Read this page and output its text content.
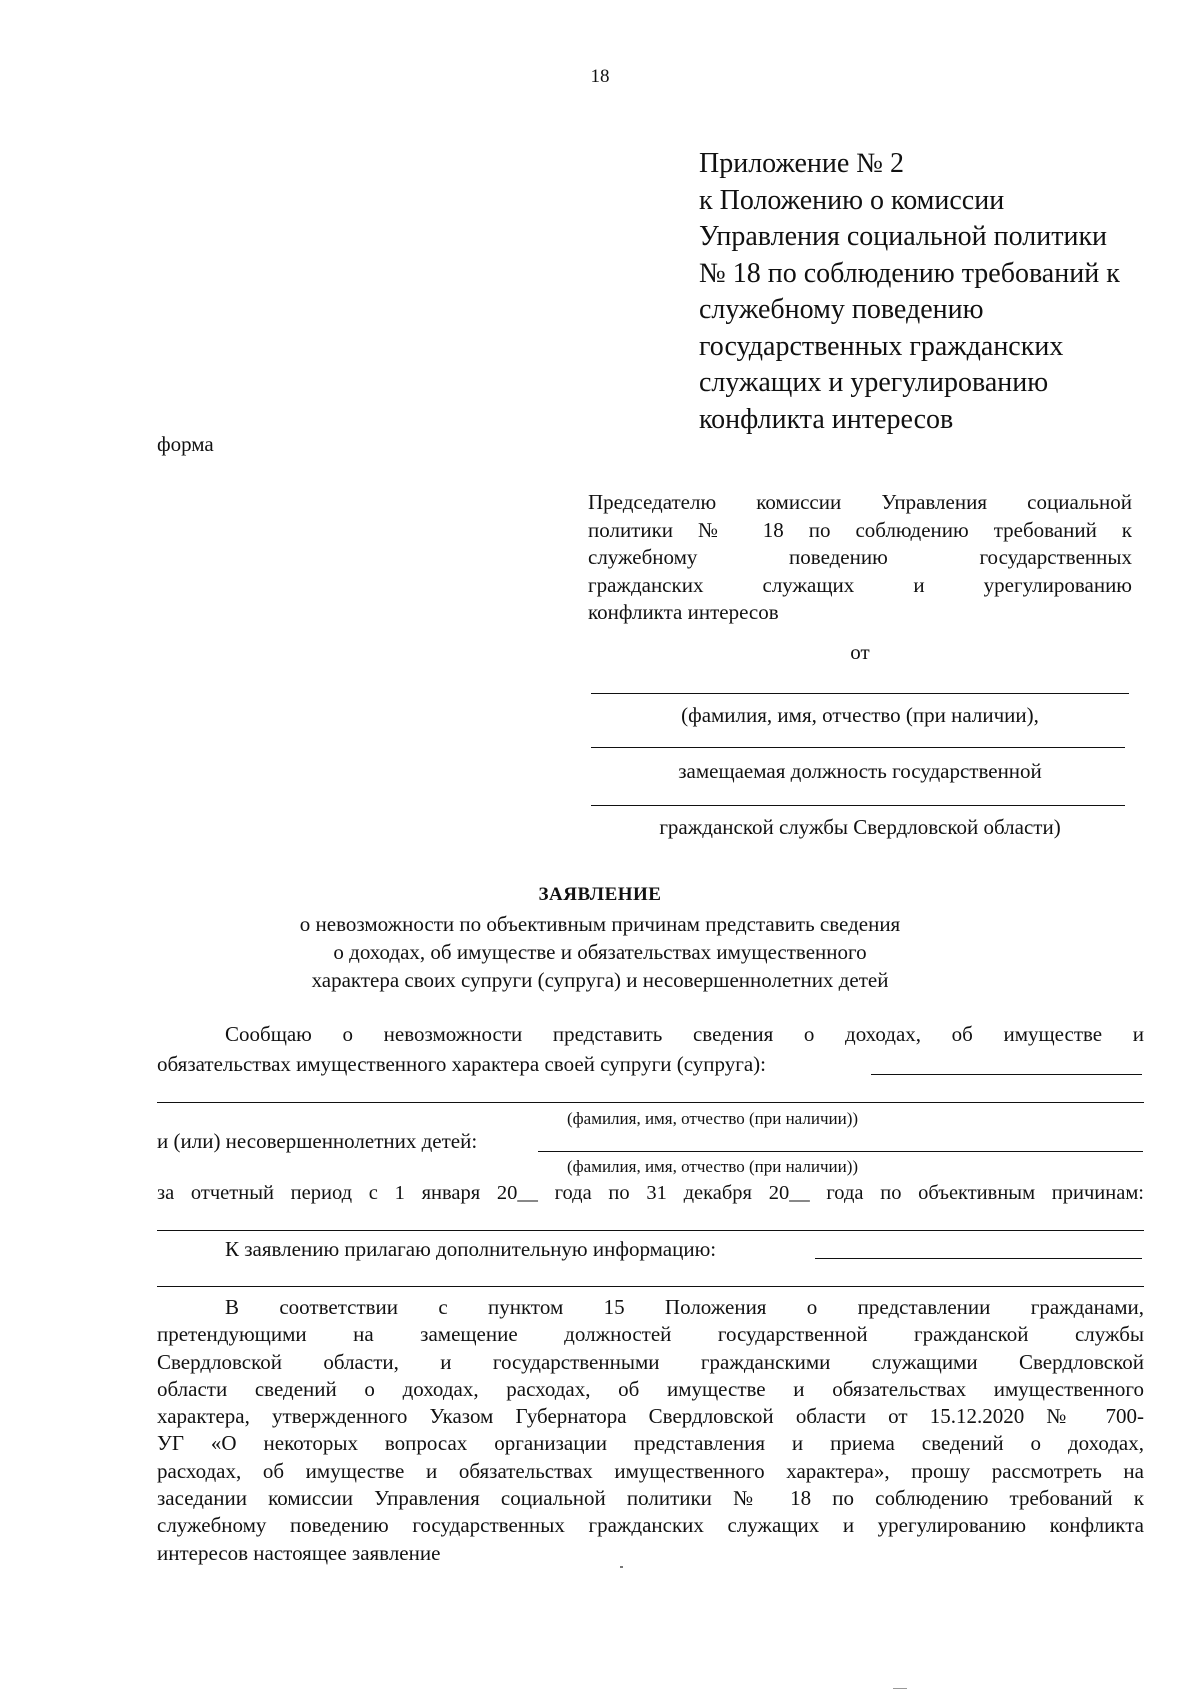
18
Приложение № 2
к Положению о комиссии
Управления социальной политики
№ 18 по соблюдению требований к
служебному поведению
государственных гражданских
служащих и урегулированию
конфликта интересов
форма
Председателю комиссии Управления социальной
политики № 18 по соблюдению требований к
служебному поведению государственных
гражданских служащих и урегулированию
конфликта интересов
от
(фамилия, имя, отчество (при наличии),
замещаемая должность государственной
гражданской службы Свердловской области)
ЗАЯВЛЕНИЕ
о невозможности по объективным причинам представить сведения
о доходах, об имуществе и обязательствах имущественного
характера своих супруги (супруга) и несовершеннолетних детей
Сообщаю о невозможности представить сведения о доходах, об имуществе и
обязательствах имущественного характера своей супруги (супруга):
(фамилия, имя, отчество (при наличии))
и (или) несовершеннолетних детей:
(фамилия, имя, отчество (при наличии))
за отчетный период с 1 января 20__ года по 31 декабря 20__ года по объективным причинам:
К заявлению прилагаю дополнительную информацию:
В соответствии с пунктом 15 Положения о представлении гражданами,
претендующими на замещение должностей государственной гражданской службы
Свердловской области, и государственными гражданскими служащими Свердловской
области сведений о доходах, расходах, об имуществе и обязательствах имущественного
характера, утвержденного Указом Губернатора Свердловской области от 15.12.2020 № 700-
УГ «О некоторых вопросах организации представления и приема сведений о доходах,
расходах, об имуществе и обязательствах имущественного характера», прошу рассмотреть на
заседании комиссии Управления социальной политики № 18 по соблюдению требований к
служебному поведению государственных гражданских служащих и урегулированию конфликта
интересов настоящее заявление
